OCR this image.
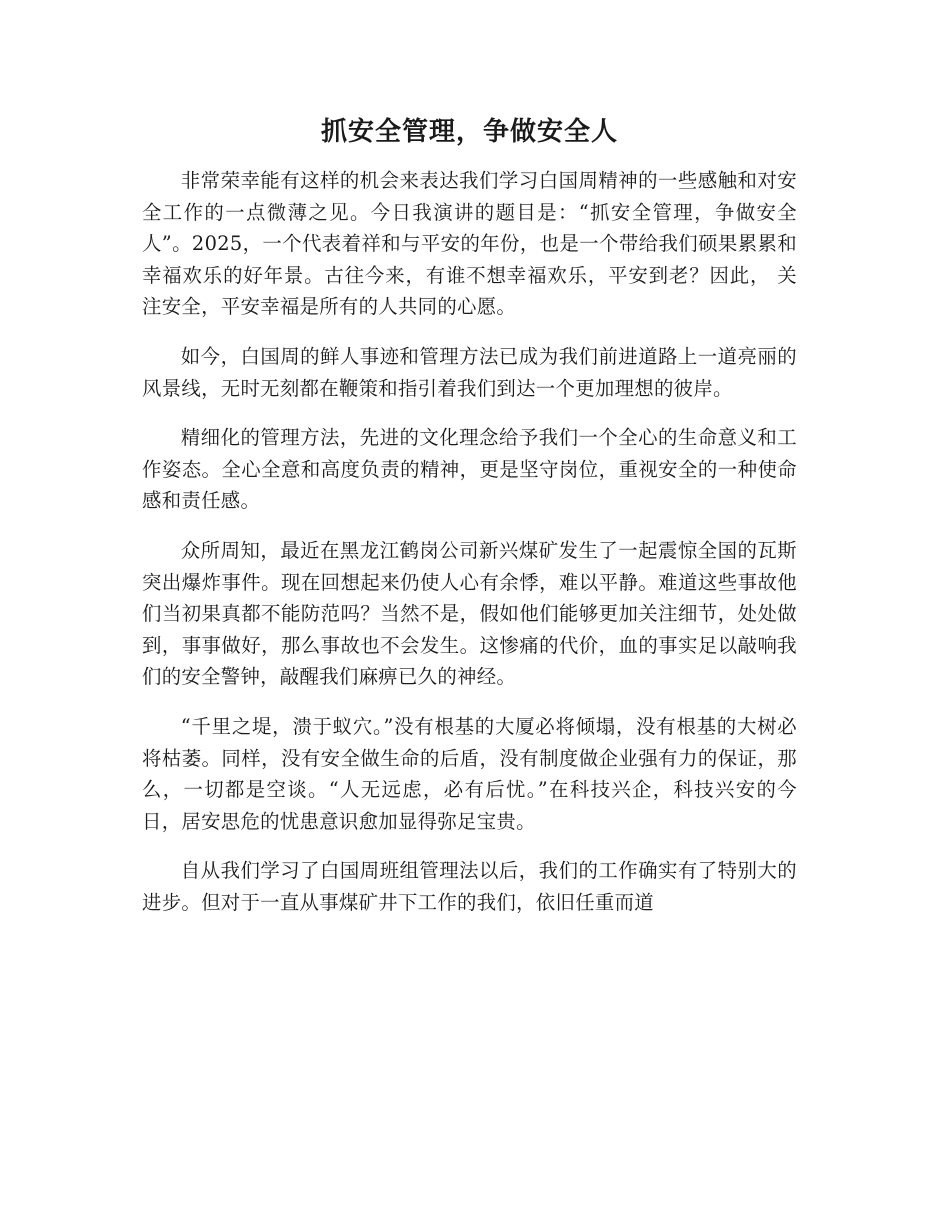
抓安全管理，争做安全人

非常荣幸能有这样的机会来表达我们学习白国周精神的一些感触和对安全工作的一点微薄之见。今日我演讲的题目是：“抓安全管理，争做安全人”。2025，一个代表着祥和与平安的年份，也是一个带给我们硕果累累和幸福欢乐的好年景。古往今来，有谁不想幸福欢乐，平安到老？因此， 关注安全，平安幸福是所有的人共同的心愿。

如今，白国周的鲜人事迹和管理方法已成为我们前进道路上一道亮丽的风景线，无时无刻都在鞭策和指引着我们到达一个更加理想的彼岸。

精细化的管理方法，先进的文化理念给予我们一个全心的生命意义和工作姿态。全心全意和高度负责的精神，更是坚守岗位，重视安全的一种使命感和责任感。

众所周知，最近在黑龙江鹤岗公司新兴煤矿发生了一起震惊全国的瓦斯突出爆炸事件。现在回想起来仍使人心有余悸，难以平静。难道这些事故他们当初果真都不能防范吗？当然不是，假如他们能够更加关注细节，处处做到，事事做好，那么事故也不会发生。这惨痛的代价，血的事实足以敲响我们的安全警钟，敲醒我们麻痹已久的神经。

“千里之堤，溃于蚁穴。”没有根基的大厦必将倾塌，没有根基的大树必将枯萎。同样，没有安全做生命的后盾，没有制度做企业强有力的保证，那么，一切都是空谈。“人无远虑，必有后忧。”在科技兴企，科技兴安的今日，居安思危的忧患意识愈加显得弥足宝贵。

自从我们学习了白国周班组管理法以后，我们的工作确实有了特别大的进步。但对于一直从事煤矿井下工作的我们，依旧任重而道
